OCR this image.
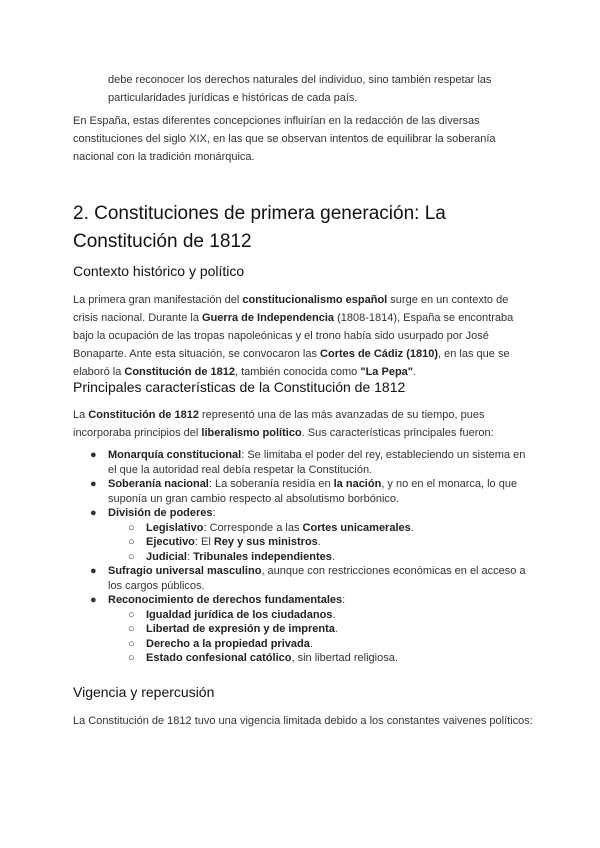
debe reconocer los derechos naturales del individuo, sino también respetar las particularidades jurídicas e históricas de cada país.

En España, estas diferentes concepciones influirían en la redacción de las diversas constituciones del siglo XIX, en las que se observan intentos de equilibrar la soberanía nacional con la tradición monárquica.

2. Constituciones de primera generación: La Constitución de 1812
Contexto histórico y político

La primera gran manifestación del constitucionalismo español surge en un contexto de crisis nacional. Durante la Guerra de Independencia (1808-1814), España se encontraba bajo la ocupación de las tropas napoleónicas y el trono había sido usurpado por José Bonaparte. Ante esta situación, se convocaron las Cortes de Cádiz (1810), en las que se elaboró la Constitución de 1812, también conocida como "La Pepa".

Principales características de la Constitución de 1812

La Constitución de 1812 representó una de las más avanzadas de su tiempo, pues incorporaba principios del liberalismo político. Sus características principales fueron:

● Monarquía constitucional: Se limitaba el poder del rey, estableciendo un sistema en el que la autoridad real debía respetar la Constitución.
● Soberanía nacional: La soberanía residía en la nación, y no en el monarca, lo que suponía un gran cambio respecto al absolutismo borbónico.
● División de poderes:
○ Legislativo: Corresponde a las Cortes unicamerales.
○ Ejecutivo: El Rey y sus ministros.
○ Judicial: Tribunales independientes.
● Sufragio universal masculino, aunque con restricciones económicas en el acceso a los cargos públicos.
● Reconocimiento de derechos fundamentales:
○ Igualdad jurídica de los ciudadanos.
○ Libertad de expresión y de imprenta.
○ Derecho a la propiedad privada.
○ Estado confesional católico, sin libertad religiosa.
Vigencia y repercusión

La Constitución de 1812 tuvo una vigencia limitada debido a los constantes vaivenes políticos:
